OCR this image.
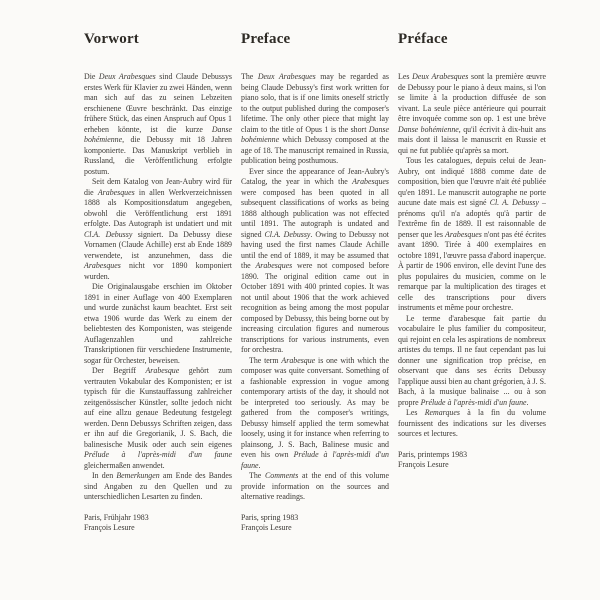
Vorwort

Die Deux Arabesques sind Claude Debussys erstes Werk für Klavier zu zwei Händen, wenn man sich auf das zu seinen Lebzeiten erschienene Œuvre beschränkt. Das einzige frühere Stück, das einen Anspruch auf Opus 1 erheben könnte, ist die kurze Danse bohémienne, die Debussy mit 18 Jahren komponierte. Das Manuskript verblieb in Russland, die Veröffentlichung erfolgte postum.

Seit dem Katalog von Jean-Aubry wird für die Arabesques in allen Werkverzeichnissen 1888 als Kompositionsdatum angegeben, obwohl die Veröffentlichung erst 1891 erfolgte. Das Autograph ist undatiert und mit Cl.A. Debussy signiert. Da Debussy diese Vornamen (Claude Achille) erst ab Ende 1889 verwendete, ist anzunehmen, dass die Arabesques nicht vor 1890 komponiert wurden.

Die Originalausgabe erschien im Oktober 1891 in einer Auflage von 400 Exemplaren und wurde zunächst kaum beachtet. Erst seit etwa 1906 wurde das Werk zu einem der beliebtesten des Komponisten, was steigende Auflagenzahlen und zahlreiche Transkriptionen für verschiedene Instrumente, sogar für Orchester, beweisen.

Der Begriff Arabesque gehört zum vertrauten Vokabular des Komponisten; er ist typisch für die Kunstauffassung zahlreicher zeitgenössischer Künstler, sollte jedoch nicht auf eine allzu genaue Bedeutung festgelegt werden. Denn Debussys Schriften zeigen, dass er ihn auf die Gregorianik, J. S. Bach, die balinesische Musik oder auch sein eigenes Prélude à l'après-midi d'un faune gleichermaßen anwendet.

In den Bemerkungen am Ende des Bandes sind Angaben zu den Quellen und zu unterschiedlichen Lesarten zu finden.

Paris, Frühjahr 1983
François Lesure
Preface

The Deux Arabesques may be regarded as being Claude Debussy's first work written for piano solo, that is if one limits oneself strictly to the output published during the composer's lifetime. The only other piece that might lay claim to the title of Opus 1 is the short Danse bohémienne which Debussy composed at the age of 18. The manuscript remained in Russia, publication being posthumous.

Ever since the appearance of Jean-Aubry's Catalog, the year in which the Arabesques were composed has been quoted in all subsequent classifications of works as being 1888 although publication was not effected until 1891. The autograph is undated and signed Cl.A. Debussy. Owing to Debussy not having used the first names Claude Achille until the end of 1889, it may be assumed that the Arabesques were not composed before 1890. The original edition came out in October 1891 with 400 printed copies. It was not until about 1906 that the work achieved recognition as being among the most popular composed by Debussy, this being borne out by increasing circulation figures and numerous transcriptions for various instruments, even for orchestra.

The term Arabesque is one with which the composer was quite conversant. Something of a fashionable expression in vogue among contemporary artists of the day, it should not be interpreted too seriously. As may be gathered from the composer's writings, Debussy himself applied the term somewhat loosely, using it for instance when referring to plainsong, J. S. Bach, Balinese music and even his own Prélude à l'après-midi d'un faune.

The Comments at the end of this volume provide information on the sources and alternative readings.

Paris, spring 1983
François Lesure
Préface

Les Deux Arabesques sont la première œuvre de Debussy pour le piano à deux mains, si l'on se limite à la production diffusée de son vivant. La seule pièce antérieure qui pourrait être invoquée comme son op. 1 est une brève Danse bohémienne, qu'il écrivit à dix-huit ans mais dont il laissa le manuscrit en Russie et qui ne fut publiée qu'après sa mort.

Tous les catalogues, depuis celui de Jean-Aubry, ont indiqué 1888 comme date de composition, bien que l'œuvre n'ait été publiée qu'en 1891. Le manuscrit autographe ne porte aucune date mais est signé Cl. A. Debussy – prénoms qu'il n'a adoptés qu'à partir de l'extrême fin de 1889. Il est raisonnable de penser que les Arabesques n'ont pas été écrites avant 1890. Tirée à 400 exemplaires en octobre 1891, l'œuvre passa d'abord inaperçue. À partir de 1906 environ, elle devint l'une des plus populaires du musicien, comme on le remarque par la multiplication des tirages et celle des transcriptions pour divers instruments et même pour orchestre.

Le terme d'arabesque fait partie du vocabulaire le plus familier du compositeur, qui rejoint en cela les aspirations de nombreux artistes du temps. Il ne faut cependant pas lui donner une signification trop précise, en observant que dans ses écrits Debussy l'applique aussi bien au chant grégorien, à J. S. Bach, à la musique balinaise ... ou à son propre Prélude à l'après-midi d'un faune.

Les Remarques à la fin du volume fournissent des indications sur les diverses sources et lectures.

Paris, printemps 1983
François Lesure
